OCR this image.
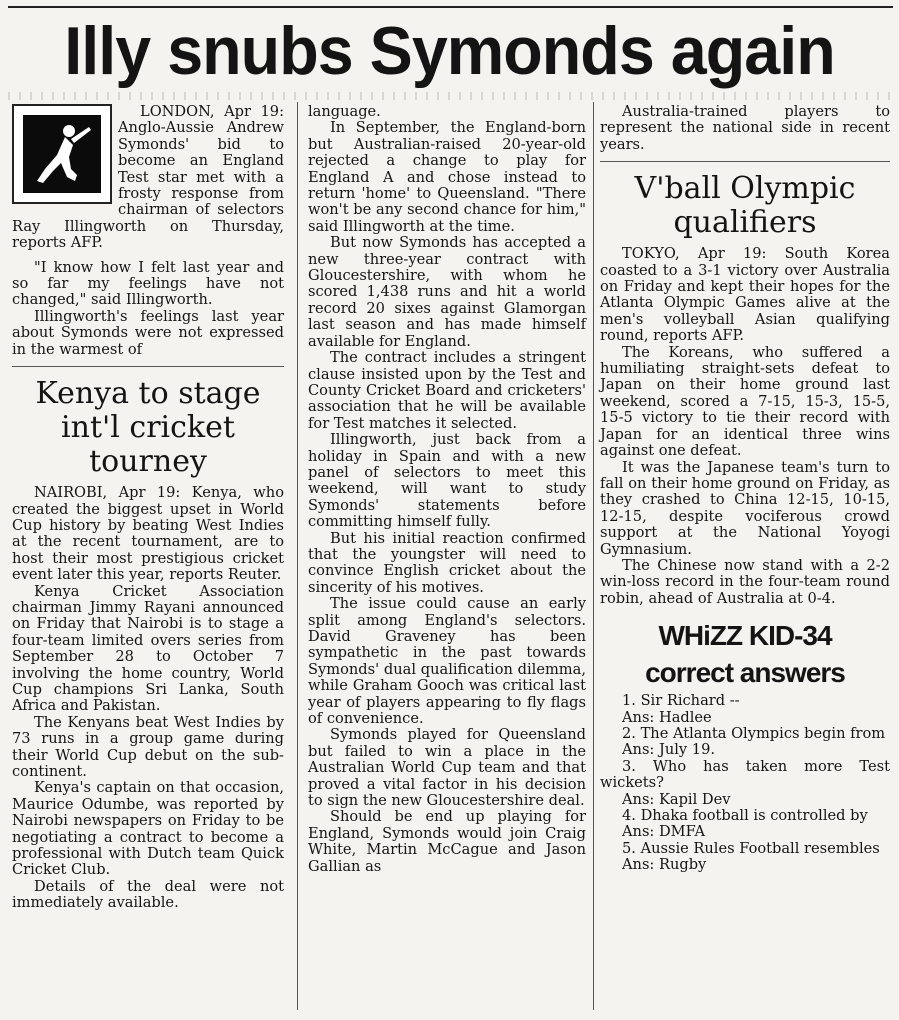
Illy snubs Symonds again

LONDON, Apr 19: Anglo-Aussie Andrew Symonds' bid to become an England Test star met with a frosty response from chairman of selectors Ray Illingworth on Thursday, reports AFP.

"I know how I felt last year and so far my feelings have not changed," said Illingworth.

Illingworth's feelings last year about Symonds were not expressed in the warmest of

Kenya to stage int'l cricket tourney

NAIROBI, Apr 19: Kenya, who created the biggest upset in World Cup history by beating West Indies at the recent tournament, are to host their most prestigious cricket event later this year, reports Reuter.

Kenya Cricket Association chairman Jimmy Rayani announced on Friday that Nairobi is to stage a four-team limited overs series from September 28 to October 7 involving the home country, World Cup champions Sri Lanka, South Africa and Pakistan.

The Kenyans beat West Indies by 73 runs in a group game during their World Cup debut on the sub-continent.

Kenya's captain on that occasion, Maurice Odumbe, was reported by Nairobi newspapers on Friday to be negotiating a contract to become a professional with Dutch team Quick Cricket Club.

Details of the deal were not immediately available.

language.

In September, the England-born but Australian-raised 20-year-old rejected a change to play for England A and chose instead to return 'home' to Queensland. "There won't be any second chance for him," said Illingworth at the time.

But now Symonds has accepted a new three-year contract with Gloucestershire, with whom he scored 1,438 runs and hit a world record 20 sixes against Glamorgan last season and has made himself available for England.

The contract includes a stringent clause insisted upon by the Test and County Cricket Board and cricketers' association that he will be available for Test matches it selected.

Illingworth, just back from a holiday in Spain and with a new panel of selectors to meet this weekend, will want to study Symonds' statements before committing himself fully.

But his initial reaction confirmed that the youngster will need to convince English cricket about the sincerity of his motives.

The issue could cause an early split among England's selectors. David Graveney has been sympathetic in the past towards Symonds' dual qualification dilemma, while Graham Gooch was critical last year of players appearing to fly flags of convenience.

Symonds played for Queensland but failed to win a place in the Australian World Cup team and that proved a vital factor in his decision to sign the new Gloucestershire deal.

Should be end up playing for England, Symonds would join Craig White, Martin McCague and Jason Gallian as

Australia-trained players to represent the national side in recent years.

V'ball Olympic qualifiers

TOKYO, Apr 19: South Korea coasted to a 3-1 victory over Australia on Friday and kept their hopes for the Atlanta Olympic Games alive at the men's volleyball Asian qualifying round, reports AFP.

The Koreans, who suffered a humiliating straight-sets defeat to Japan on their home ground last weekend, scored a 7-15, 15-3, 15-5, 15-5 victory to tie their record with Japan for an identical three wins against one defeat.

It was the Japanese team's turn to fall on their home ground on Friday, as they crashed to China 12-15, 10-15, 12-15, despite vociferous crowd support at the National Yoyogi Gymnasium.

The Chinese now stand with a 2-2 win-loss record in the four-team round robin, ahead of Australia at 0-4.

WHiZZ KID-34
correct answers

1. Sir Richard --

Ans: Hadlee

2. The Atlanta Olympics begin from

Ans: July 19.

3. Who has taken more Test wickets?

Ans: Kapil Dev

4. Dhaka football is controlled by

Ans: DMFA

5. Aussie Rules Football resembles

Ans: Rugby
